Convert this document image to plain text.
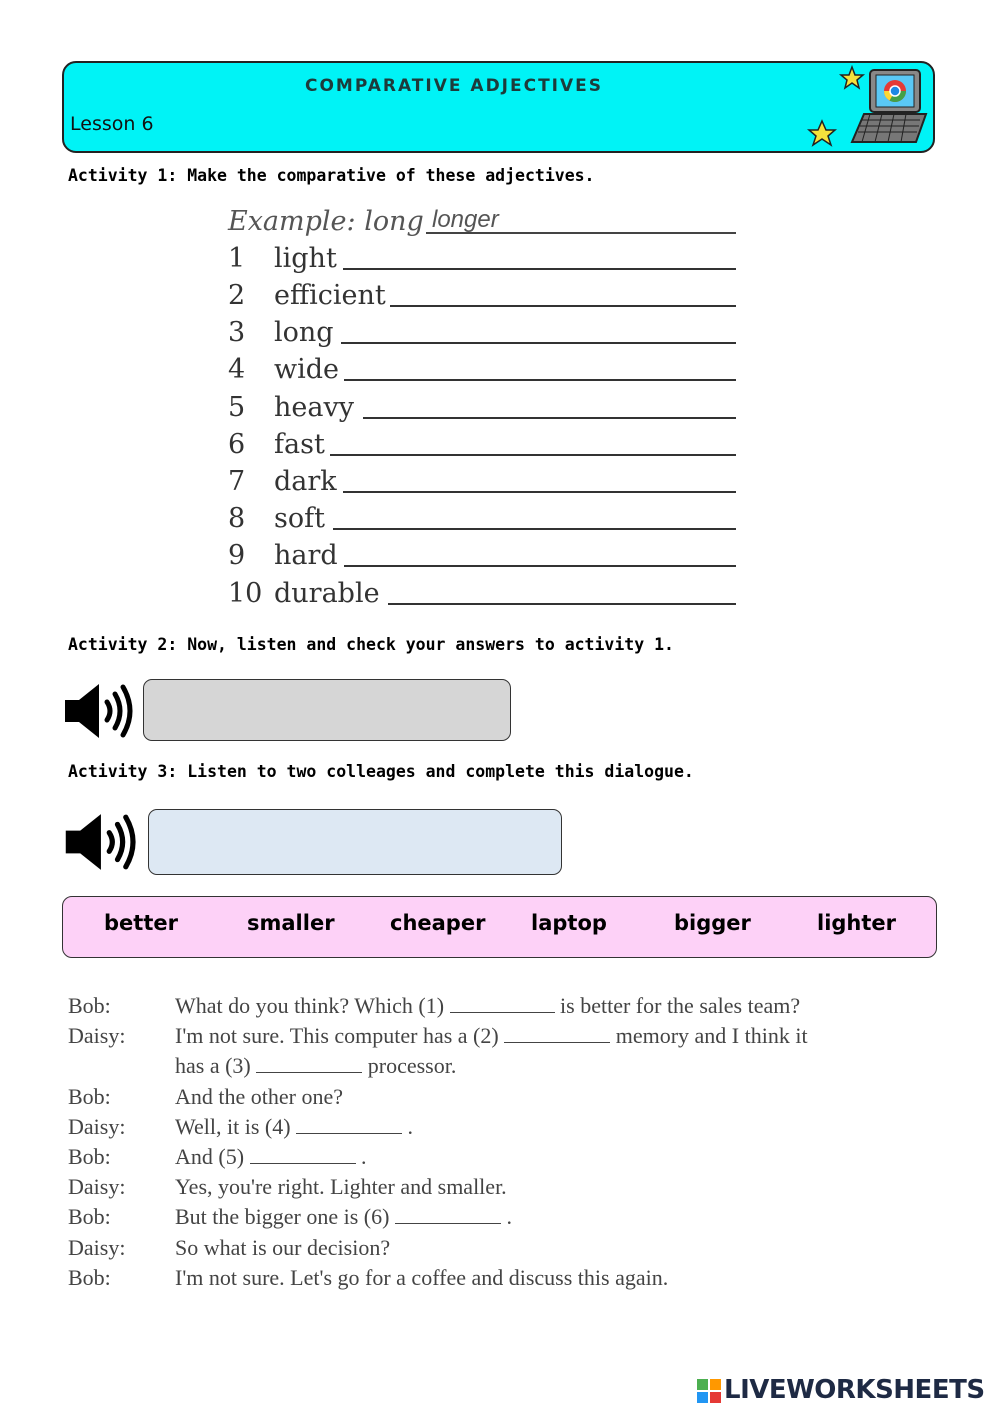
COMPARATIVE ADJECTIVES
Lesson 6
Activity 1: Make the comparative of these adjectives.
Example: long longer
1 light
2 efficient
3 long
4 wide
5 heavy
6 fast
7 dark
8 soft
9 hard
10 durable
Activity 2: Now, listen and check your answers to activity 1.
Activity 3: Listen to two colleages and complete this dialogue.
better	smaller	cheaper laptop	bigger	lighter
Bob:	What do you think? Which (1)	is better for the sales team?
Daisy: I'm not sure. This computer has a (2)	memory and I think it
has a (3)	processor.
Bob:	And the other one?
Daisy: Well, it is (4)	.
Bob:	And (5)	.
Daisy: Yes, you're right. Lighter and smaller.
Bob:	But the bigger one is (6)	.
Daisy: So what is our decision?
Bob:	I'm not sure. Let's go for a coffee and discuss this again.
LIVEWORKSHEETS
